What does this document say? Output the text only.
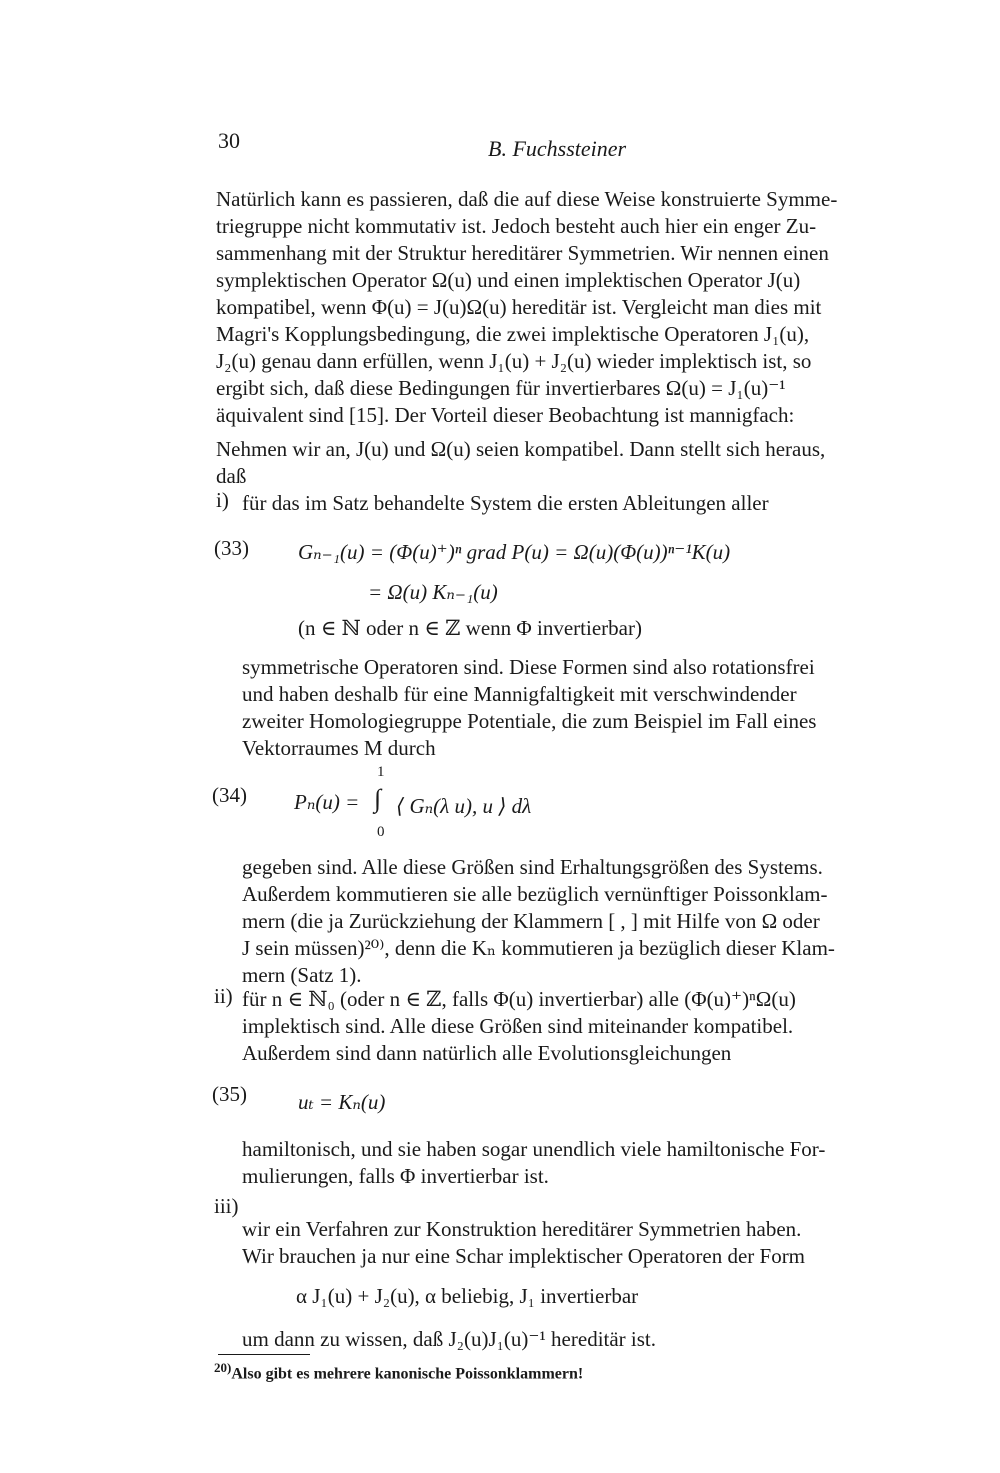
30	B. Fuchssteiner
Natürlich kann es passieren, daß die auf diese Weise konstruierte Symme-
triegruppe nicht kommutativ ist. Jedoch besteht auch hier ein enger Zu-
sammenhang mit der Struktur hereditärer Symmetrien. Wir nennen einen
symplektischen Operator Ω(u) und einen implektischen Operator J(u)
kompatibel, wenn Φ(u) = J(u)Ω(u) hereditär ist. Vergleicht man dies mit
Magri's Kopplungsbedingung, die zwei implektische Operatoren J₁(u),
J₂(u) genau dann erfüllen, wenn J₁(u) + J₂(u) wieder implektisch ist, so
ergibt sich, daß diese Bedingungen für invertierbares Ω(u) = J₁(u)⁻¹
äquivalent sind [15]. Der Vorteil dieser Beobachtung ist mannigfach:
Nehmen wir an, J(u) und Ω(u) seien kompatibel. Dann stellt sich heraus,
daß
i) für das im Satz behandelte System die ersten Ableitungen aller
(33) Gₙ₋₁(u) = (Φ(u)⁺)ⁿ grad P(u) = Ω(u)(Φ(u))ⁿ⁻¹K(u)
= Ω(u) Kₙ₋₁(u)
(n ∈ ℕ oder n ∈ ℤ wenn Φ invertierbar)
symmetrische Operatoren sind. Diese Formen sind also rotationsfrei
und haben deshalb für eine Mannigfaltigkeit mit verschwindender
zweiter Homologiegruppe Potentiale, die zum Beispiel im Fall eines
Vektorraumes M durch
(34)
1
Pₙ(u) = ∫ ⟨ Gₙ(λ u), u ⟩ dλ
0
gegeben sind. Alle diese Größen sind Erhaltungsgrößen des Systems.
Außerdem kommutieren sie alle bezüglich vernünftiger Poissonklam-
mern (die ja Zurückziehung der Klammern [ , ] mit Hilfe von Ω oder
J sein müssen)²⁰⁾, denn die Kₙ kommutieren ja bezüglich dieser Klam-
mern (Satz 1).
ii) für n ∈ ℕ₀ (oder n ∈ ℤ, falls Φ(u) invertierbar) alle (Φ(u)⁺)ⁿΩ(u)
implektisch sind. Alle diese Größen sind miteinander kompatibel.
Außerdem sind dann natürlich alle Evolutionsgleichungen
(35) uₜ = Kₙ(u)
hamiltonisch, und sie haben sogar unendlich viele hamiltonische For-
mulierungen, falls Φ invertierbar ist.
iii)
wir ein Verfahren zur Konstruktion hereditärer Symmetrien haben.
Wir brauchen ja nur eine Schar implektischer Operatoren der Form
α J₁(u) + J₂(u), α beliebig, J₁ invertierbar
um dann zu wissen, daß J₂(u)J₁(u)⁻¹ hereditär ist.
$^{20)}$Also gibt es mehrere kanonische Poissonklammern!
